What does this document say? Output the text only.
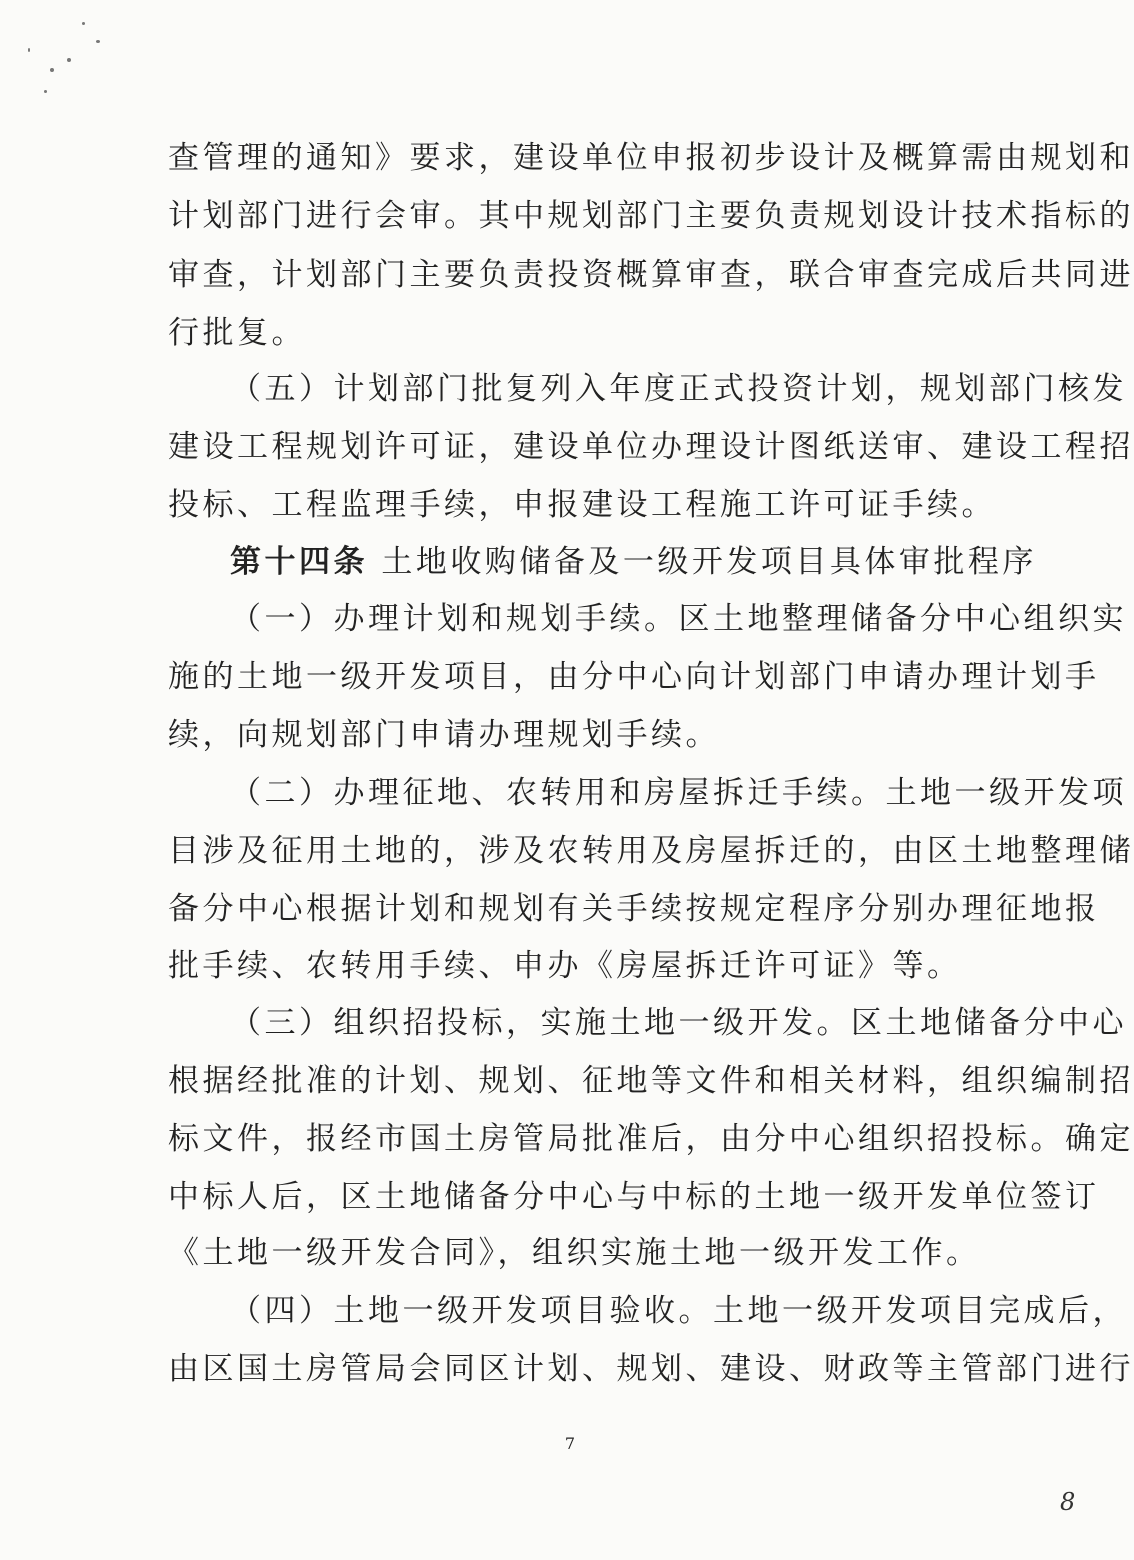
查管理的通知》要求，建设单位申报初步设计及概算需由规划和
计划部门进行会审。其中规划部门主要负责规划设计技术指标的
审查，计划部门主要负责投资概算审查，联合审查完成后共同进
行批复。
（五）计划部门批复列入年度正式投资计划，规划部门核发
建设工程规划许可证，建设单位办理设计图纸送审、建设工程招
投标、工程监理手续，申报建设工程施工许可证手续。
第十四条 土地收购储备及一级开发项目具体审批程序
（一）办理计划和规划手续。区土地整理储备分中心组织实
施的土地一级开发项目，由分中心向计划部门申请办理计划手
续，向规划部门申请办理规划手续。
（二）办理征地、农转用和房屋拆迁手续。土地一级开发项
目涉及征用土地的，涉及农转用及房屋拆迁的，由区土地整理储
备分中心根据计划和规划有关手续按规定程序分别办理征地报
批手续、农转用手续、申办《房屋拆迁许可证》等。
（三）组织招投标，实施土地一级开发。区土地储备分中心
根据经批准的计划、规划、征地等文件和相关材料，组织编制招
标文件，报经市国土房管局批准后，由分中心组织招投标。确定
中标人后，区土地储备分中心与中标的土地一级开发单位签订
《土地一级开发合同》，组织实施土地一级开发工作。
（四）土地一级开发项目验收。土地一级开发项目完成后，
由区国土房管局会同区计划、规划、建设、财政等主管部门进行
7
8
